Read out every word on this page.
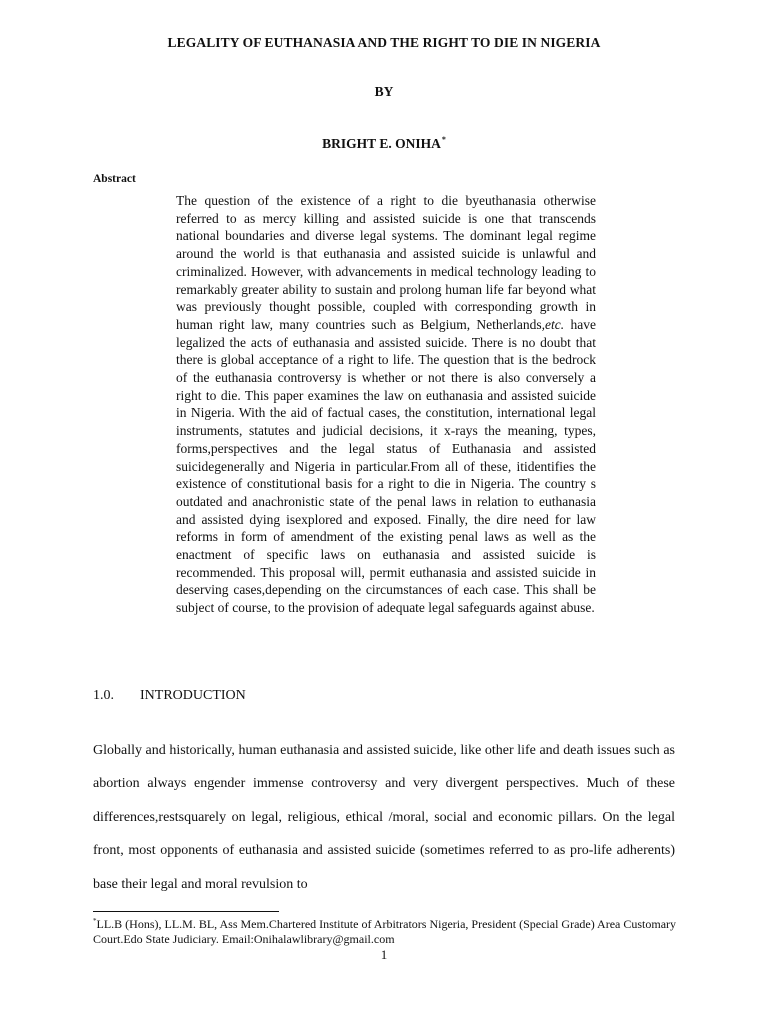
LEGALITY OF EUTHANASIA AND THE RIGHT TO DIE IN NIGERIA
BY
BRIGHT E. ONIHA*
Abstract
The question of the existence of a right to die byeuthanasia otherwise referred to as mercy killing and assisted suicide is one that transcends national boundaries and diverse legal systems. The dominant legal regime around the world is that euthanasia and assisted suicide is unlawful and criminalized. However, with advancements in medical technology leading to remarkably greater ability to sustain and prolong human life far beyond what was previously thought possible, coupled with corresponding growth in human right law, many countries such as Belgium, Netherlands,etc. have legalized the acts of euthanasia and assisted suicide. There is no doubt that there is global acceptance of a right to life. The question that is the bedrock of the euthanasia controversy is whether or not there is also conversely a right to die. This paper examines the law on euthanasia and assisted suicide in Nigeria. With the aid of factual cases, the constitution, international legal instruments, statutes and judicial decisions, it x-rays the meaning, types, forms,perspectives and the legal status of Euthanasia and assisted suicidegenerally and Nigeria in particular.From all of these, itidentifies the existence of constitutional basis for a right to die in Nigeria. The country s outdated and anachronistic state of the penal laws in relation to euthanasia and assisted dying isexplored and exposed. Finally, the dire need for law reforms in form of amendment of the existing penal laws as well as the enactment of specific laws on euthanasia and assisted suicide is recommended. This proposal will, permit euthanasia and assisted suicide in deserving cases,depending on the circumstances of each case. This shall be subject of course, to the provision of adequate legal safeguards against abuse.
1.0.	INTRODUCTION
Globally and historically, human euthanasia and assisted suicide, like other life and death issues such as abortion always engender immense controversy and very divergent perspectives. Much of these differences,restsquarely on legal, religious, ethical /moral, social and economic pillars. On the legal front, most opponents of euthanasia and assisted suicide (sometimes referred to as pro-life adherents) base their legal and moral revulsion to
*LL.B (Hons), LL.M. BL, Ass Mem.Chartered Institute of Arbitrators Nigeria, President (Special Grade) Area Customary Court.Edo State Judiciary. Email:Onihalawlibrary@gmail.com
1
